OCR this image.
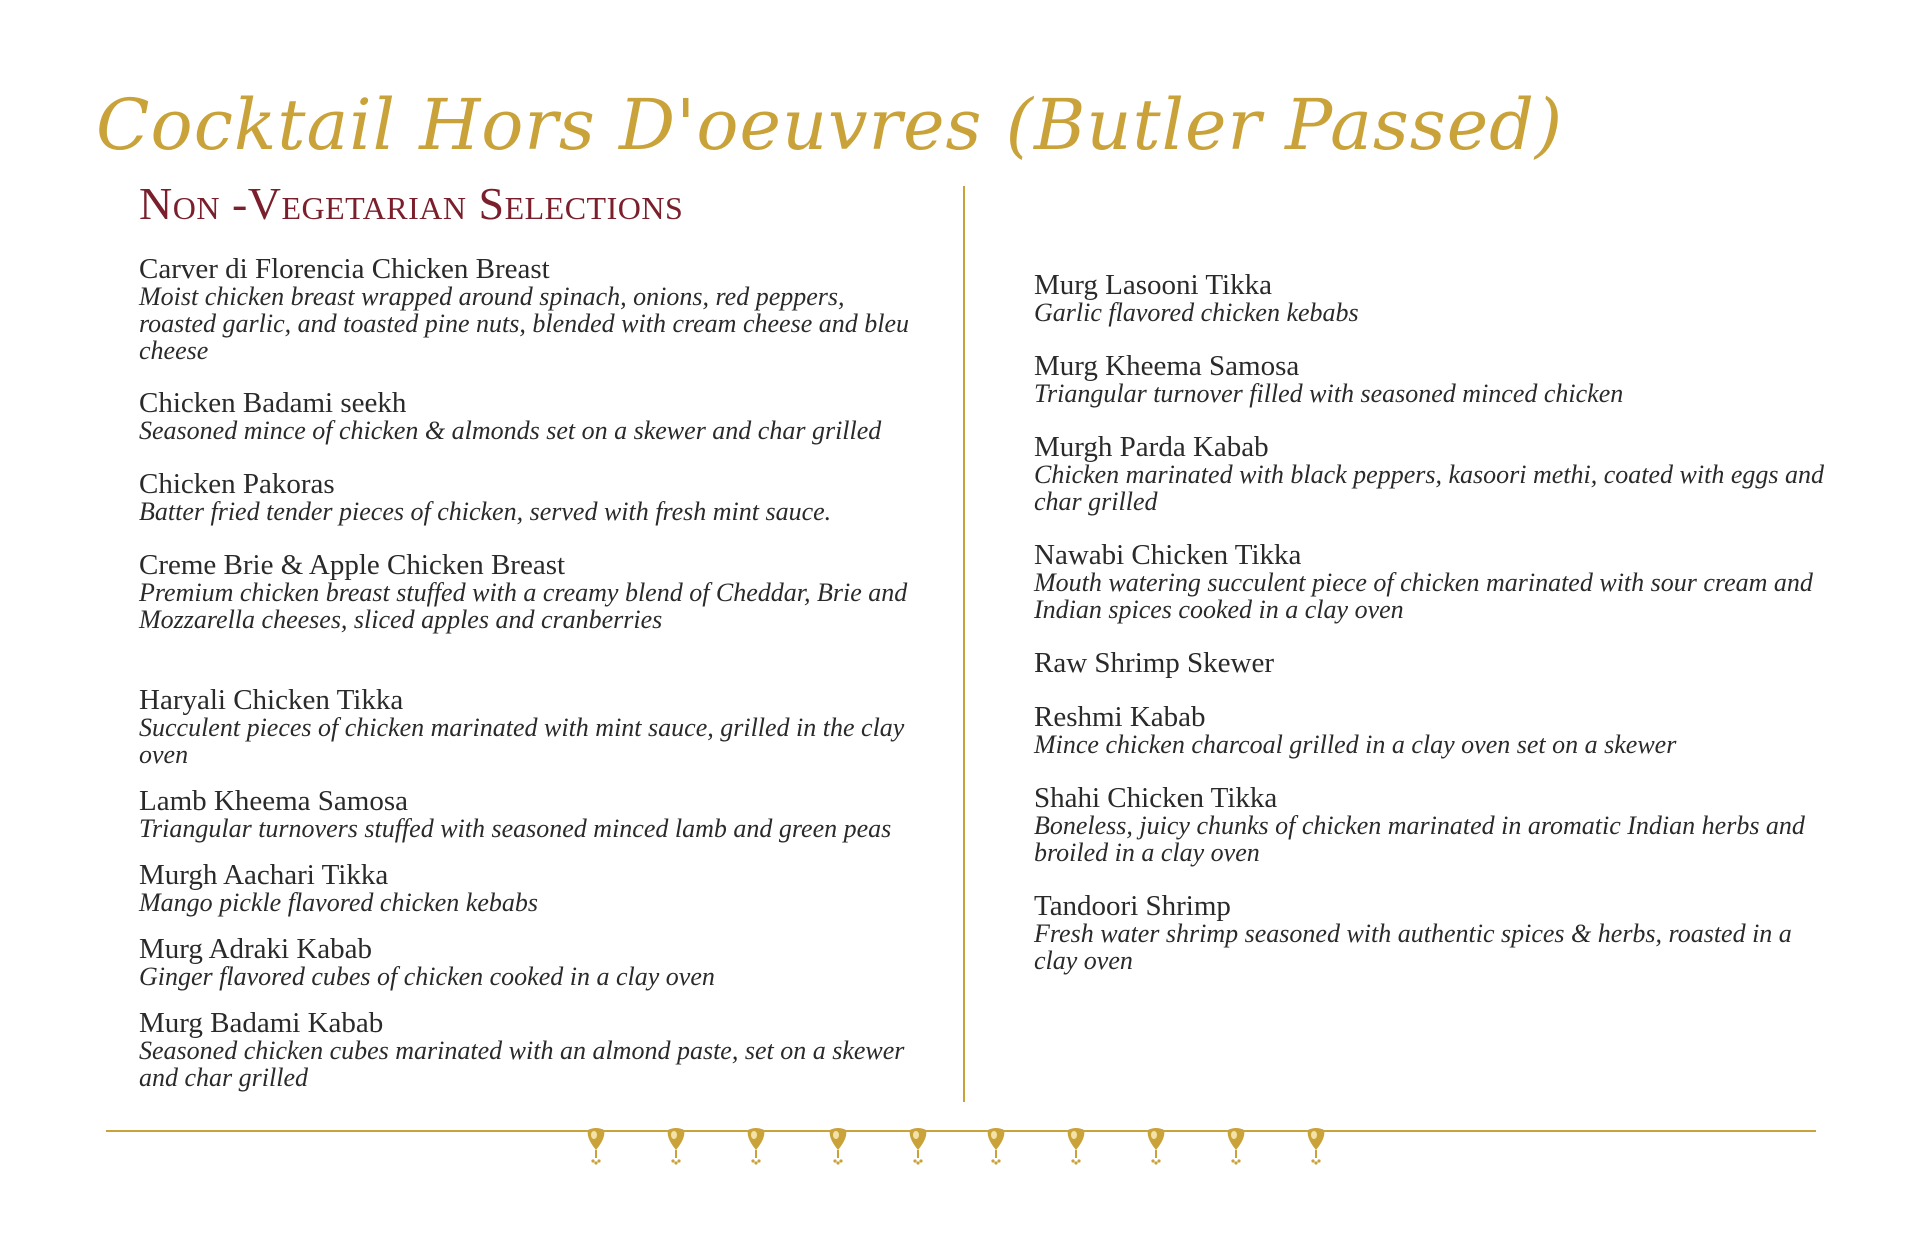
Cocktail Hors D'oeuvres (Butler Passed)
Non -Vegetarian Selections
Carver di Florencia Chicken Breast
Moist chicken breast wrapped around spinach, onions, red peppers, roasted garlic, and toasted pine nuts, blended with cream cheese and bleu cheese
Chicken Badami seekh
Seasoned mince of chicken & almonds set on a skewer and char grilled
Chicken Pakoras
Batter fried tender pieces of chicken, served with fresh mint sauce.
Creme Brie & Apple Chicken Breast
Premium chicken breast stuffed with a creamy blend of Cheddar, Brie and Mozzarella cheeses, sliced apples and cranberries
Haryali Chicken Tikka
Succulent pieces of chicken marinated with mint sauce, grilled in the clay oven
Lamb Kheema Samosa
Triangular turnovers stuffed with seasoned minced lamb and green peas
Murgh Aachari Tikka
Mango pickle flavored chicken kebabs
Murg Adraki Kabab
Ginger flavored cubes of chicken cooked in a clay oven
Murg Badami Kabab
Seasoned chicken cubes marinated with an almond paste, set on a skewer and char grilled
Murg Lasooni Tikka
Garlic flavored chicken kebabs
Murg Kheema Samosa
Triangular turnover filled with seasoned minced chicken
Murgh Parda Kabab
Chicken marinated with black peppers, kasoori methi, coated with eggs and char grilled
Nawabi Chicken Tikka
Mouth watering succulent piece of chicken marinated with sour cream and Indian spices cooked in a clay oven
Raw Shrimp Skewer
Reshmi Kabab
Mince chicken charcoal grilled in a clay oven set on a skewer
Shahi Chicken Tikka
Boneless, juicy chunks of chicken marinated in aromatic Indian herbs and broiled in a clay oven
Tandoori Shrimp
Fresh water shrimp seasoned with authentic spices & herbs, roasted in a clay oven
